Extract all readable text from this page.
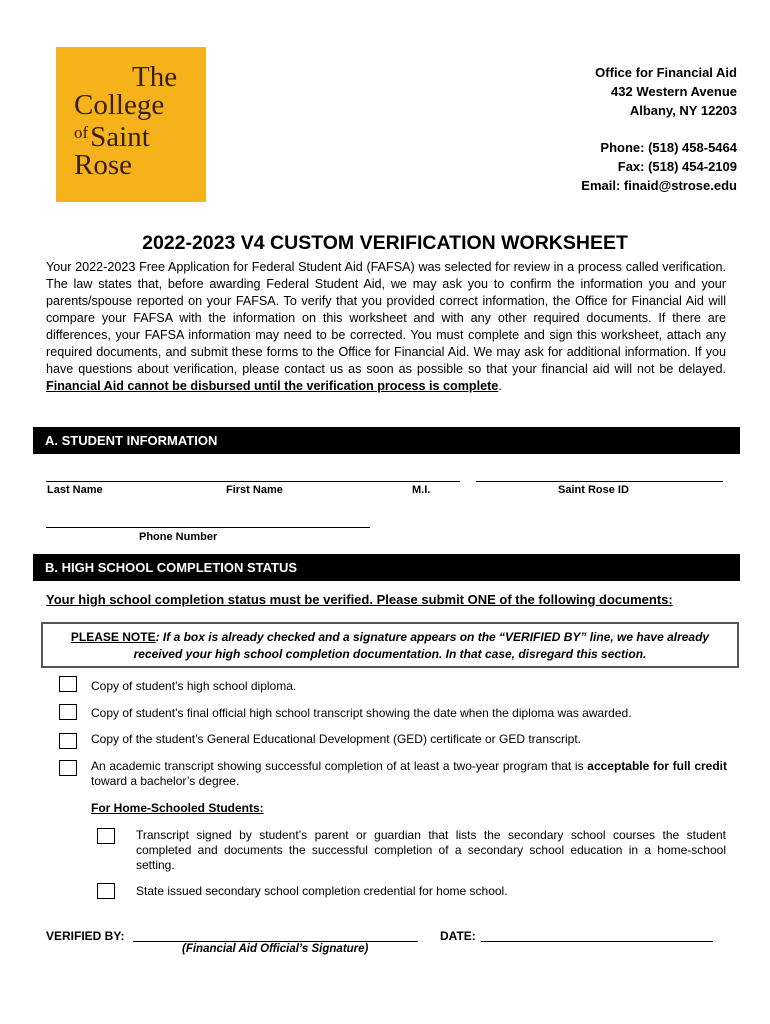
The
College
$^{of}$Saint
Rose
Office for Financial Aid
432 Western Avenue
Albany, NY 12203
Phone: (518) 458-5464
Fax: (518) 454-2109
Email: finaid@strose.edu
2022-2023 V4 CUSTOM VERIFICATION WORKSHEET
Your 2022-2023 Free Application for Federal Student Aid (FAFSA) was selected for review in a process called verification. The law states that, before awarding Federal Student Aid, we may ask you to confirm the information you and your parents/spouse reported on your FAFSA. To verify that you provided correct information, the Office for Financial Aid will compare your FAFSA with the information on this worksheet and with any other required documents. If there are differences, your FAFSA information may need to be corrected. You must complete and sign this worksheet, attach any required documents, and submit these forms to the Office for Financial Aid. We may ask for additional information. If you have questions about verification, please contact us as soon as possible so that your financial aid will not be delayed. Financial Aid cannot be disbursed until the verification process is complete.
A. STUDENT INFORMATION
Last Name	First Name	M.I.	Saint Rose ID
Phone Number
B. HIGH SCHOOL COMPLETION STATUS
Your high school completion status must be verified. Please submit ONE of the following documents:
PLEASE NOTE: If a box is already checked and a signature appears on the “VERIFIED BY” line, we have already
received your high school completion documentation. In that case, disregard this section.
Copy of student’s high school diploma.
Copy of student’s final official high school transcript showing the date when the diploma was awarded.
Copy of the student’s General Educational Development (GED) certificate or GED transcript.
An academic transcript showing successful completion of at least a two-year program that is acceptable for full credit toward a bachelor’s degree.
For Home-Schooled Students:
Transcript signed by student’s parent or guardian that lists the secondary school courses the student completed and documents the successful completion of a secondary school education in a home-school setting.
State issued secondary school completion credential for home school.
VERIFIED BY:
(Financial Aid Official’s Signature)
DATE:
